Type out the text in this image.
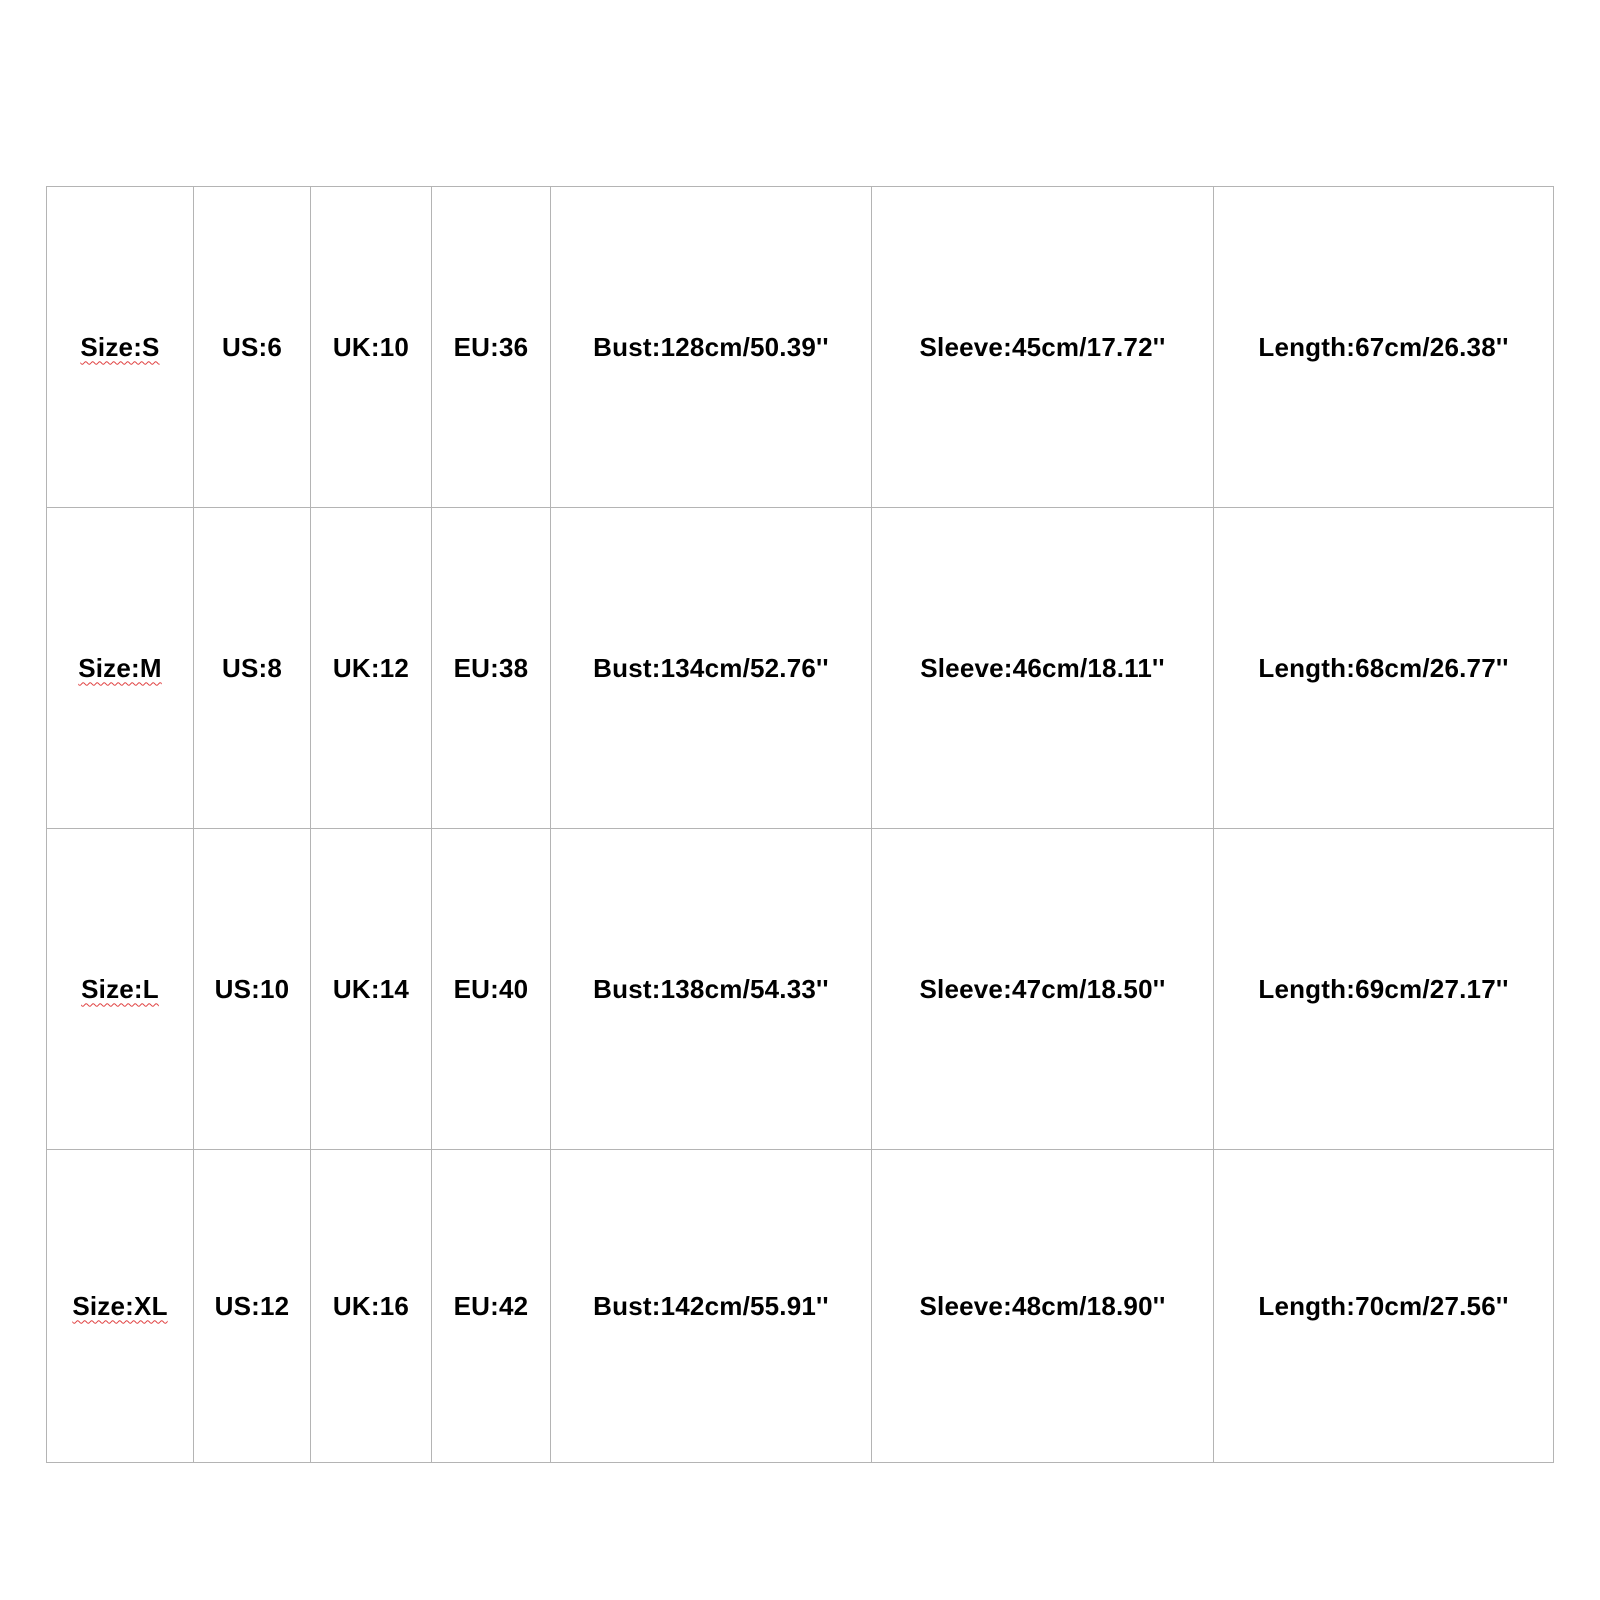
Size:S	US:6	UK:10	EU:36	Bust:128cm/50.39''	Sleeve:45cm/17.72''	Length:67cm/26.38''
Size:M	US:8	UK:12	EU:38	Bust:134cm/52.76''	Sleeve:46cm/18.11''	Length:68cm/26.77''
Size:L	US:10	UK:14	EU:40	Bust:138cm/54.33''	Sleeve:47cm/18.50''	Length:69cm/27.17''
Size:XL	US:12	UK:16	EU:42	Bust:142cm/55.91''	Sleeve:48cm/18.90''	Length:70cm/27.56''
